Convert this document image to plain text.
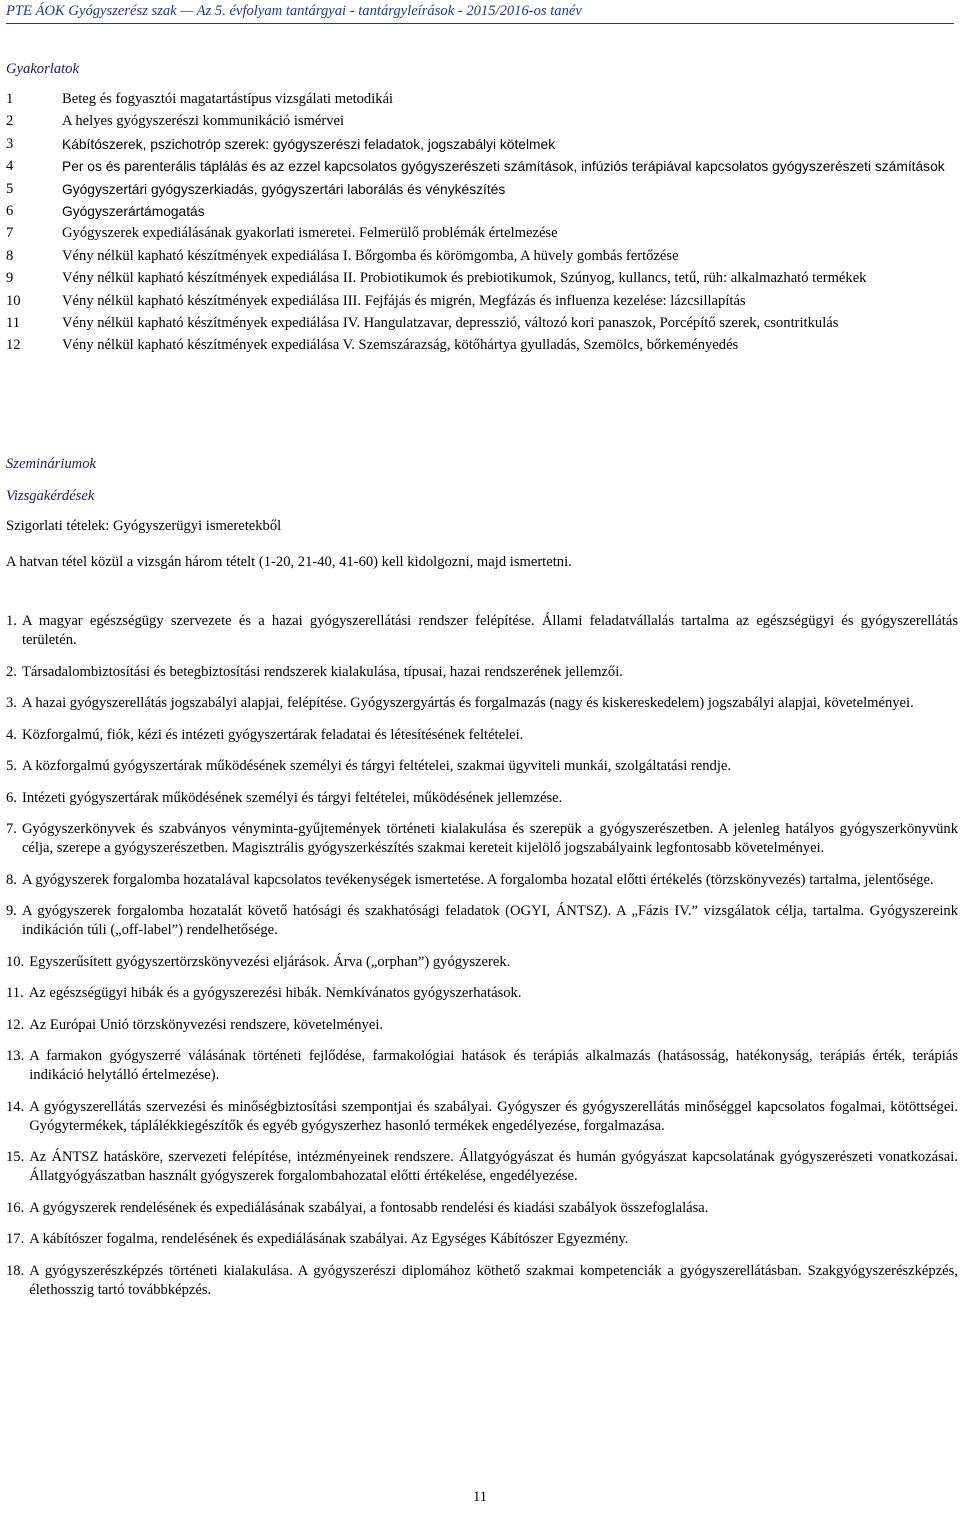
PTE ÁOK Gyógyszerész szak — Az 5. évfolyam tantárgyai - tantárgyleírások - 2015/2016-os tanév
Gyakorlatok
1	Beteg és fogyasztói magatartástípus vizsgálati metodikái
2	A helyes gyógyszerészi kommunikáció ismérvei
3	Kábítószerek, pszichotróp szerek: gyógyszerészi feladatok, jogszabályi kötelmek
4	Per os és parenterális táplálás és az ezzel kapcsolatos gyógyszerészeti számítások, infúziós terápiával kapcsolatos gyógyszerészeti számítások
5	Gyógyszertári gyógyszerkiadás, gyógyszertári laborálás és vénykészítés
6	Gyógyszerártámogatás
7	Gyógyszerek expediálásának gyakorlati ismeretei. Felmerülő problémák értelmezése
8	Vény nélkül kapható készítmények expediálása I. Bőrgomba és körömgomba, A hüvely gombás fertőzése
9	Vény nélkül kapható készítmények expediálása II. Probiotikumok és prebiotikumok, Szúnyog, kullancs, tetű, rüh: alkalmazható termékek
10	Vény nélkül kapható készítmények expediálása III. Fejfájás és migrén, Megfázás és influenza kezelése: lázcsillapítás
11	Vény nélkül kapható készítmények expediálása IV. Hangulatzavar, depresszió, változó kori panaszok, Porcépítő szerek, csontritkulás
12	Vény nélkül kapható készítmények expediálása V. Szemszárazság, kötőhártya gyulladás, Szemölcs, bőrkeményedés
Szemináriumok
Vizsgakérdések
Szigorlati tételek: Gyógyszerügyi ismeretekből
A hatvan tétel közül a vizsgán három tételt (1-20, 21-40, 41-60) kell kidolgozni, majd ismertetni.
1. A magyar egészségügy szervezete és a hazai gyógyszerellátási rendszer felépítése. Állami feladatvállalás tartalma az egészségügyi és gyógyszerellátás területén.
2. Társadalombiztosítási és betegbiztosítási rendszerek kialakulása, típusai, hazai rendszerének jellemzői.
3. A hazai gyógyszerellátás jogszabályi alapjai, felépítése. Gyógyszergyártás és forgalmazás (nagy és kiskereskedelem) jogszabályi alapjai, követelményei.
4. Közforgalmú, fiók, kézi és intézeti gyógyszertárak feladatai és létesítésének feltételei.
5. A közforgalmú gyógyszertárak működésének személyi és tárgyi feltételei, szakmai ügyviteli munkái, szolgáltatási rendje.
6. Intézeti gyógyszertárak működésének személyi és tárgyi feltételei, működésének jellemzése.
7. Gyógyszerkönyvek és szabványos vényminta-gyűjtemények történeti kialakulása és szerepük a gyógyszerészetben. A jelenleg hatályos gyógyszerkönyvünk célja, szerepe a gyógyszerészetben. Magisztrális gyógyszerkészítés szakmai kereteit kijelölő jogszabályaink legfontosabb követelményei.
8. A gyógyszerek forgalomba hozatalával kapcsolatos tevékenységek ismertetése. A forgalomba hozatal előtti értékelés (törzskönyvezés) tartalma, jelentősége.
9. A gyógyszerek forgalomba hozatalát követő hatósági és szakhatósági feladatok (OGYI, ÁNTSZ). A „Fázis IV.” vizsgálatok célja, tartalma. Gyógyszereink indikáción túli („off-label”) rendelhetősége.
10. Egyszerűsített gyógyszertörzskönyvezési eljárások. Árva („orphan”) gyógyszerek.
11. Az egészségügyi hibák és a gyógyszerezési hibák. Nemkívánatos gyógyszerhatások.
12. Az Európai Unió törzskönyvezési rendszere, követelményei.
13. A farmakon gyógyszerré válásának történeti fejlődése, farmakológiai hatások és terápiás alkalmazás (hatásosság, hatékonyság, terápiás érték, terápiás indikáció helytálló értelmezése).
14. A gyógyszerellátás szervezési és minőségbiztosítási szempontjai és szabályai. Gyógyszer és gyógyszerellátás minőséggel kapcsolatos fogalmai, kötöttségei. Gyógytermékek, táplálékkiegészítők és egyéb gyógyszerhez hasonló termékek engedélyezése, forgalmazása.
15. Az ÁNTSZ hatásköre, szervezeti felépítése, intézményeinek rendszere. Állatgyógyászat és humán gyógyászat kapcsolatának gyógyszerészeti vonatkozásai. Állatgyógyászatban használt gyógyszerek forgalombahozatal előtti értékelése, engedélyezése.
16. A gyógyszerek rendelésének és expediálásának szabályai, a fontosabb rendelési és kiadási szabályok összefoglalása.
17. A kábítószer fogalma, rendelésének és expediálásának szabályai. Az Egységes Kábítószer Egyezmény.
18. A gyógyszerészképzés történeti kialakulása. A gyógyszerészi diplomához köthető szakmai kompetenciák a gyógyszerellátásban. Szakgyógyszerészképzés, élethosszig tartó továbbképzés.
11
